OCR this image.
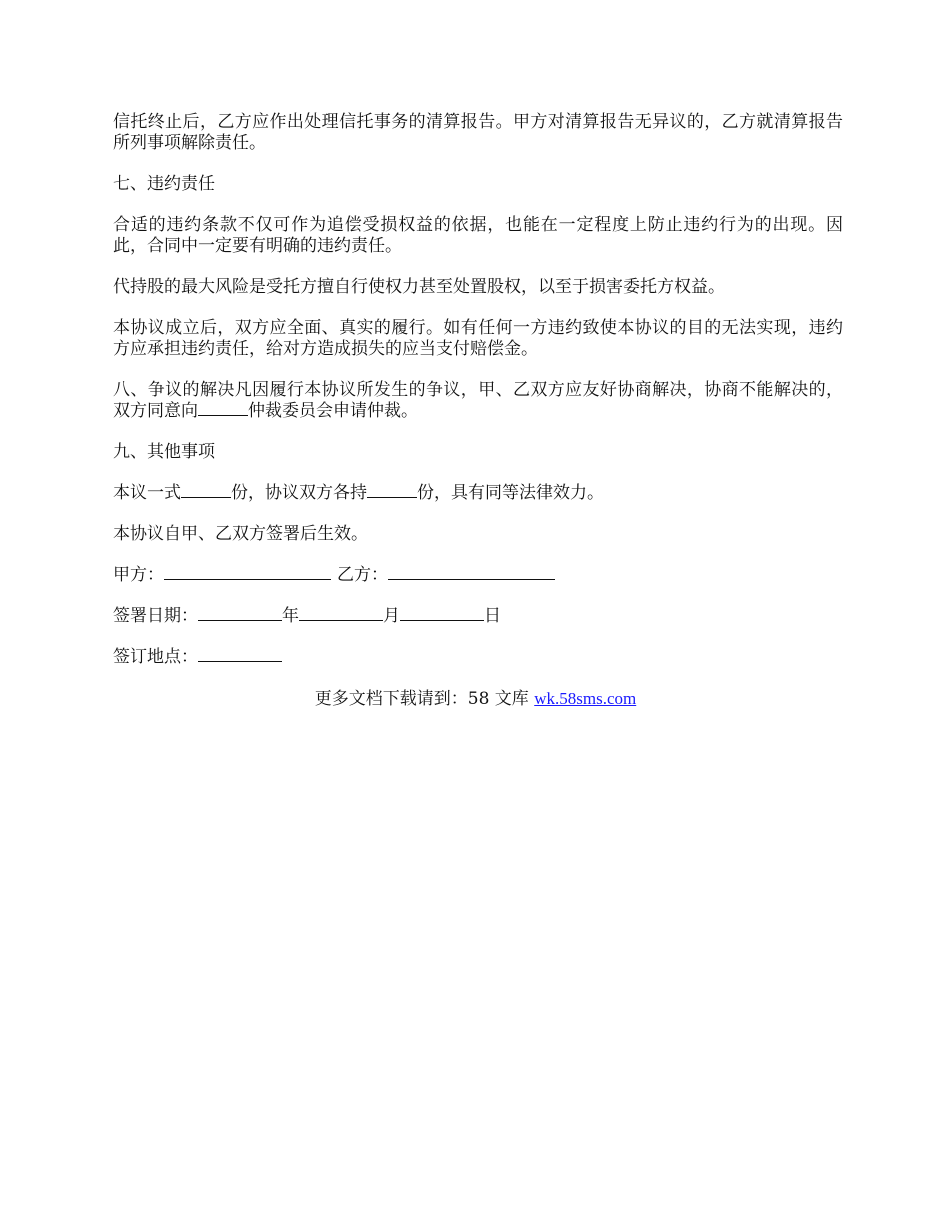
信托终止后，乙方应作出处理信托事务的清算报告。甲方对清算报告无异议的，乙方就清算报告所列事项解除责任。

七、违约责任

合适的违约条款不仅可作为追偿受损权益的依据，也能在一定程度上防止违约行为的出现。因此，合同中一定要有明确的违约责任。

代持股的最大风险是受托方擅自行使权力甚至处置股权，以至于损害委托方权益。

本协议成立后，双方应全面、真实的履行。如有任何一方违约致使本协议的目的无法实现，违约方应承担违约责任，给对方造成损失的应当支付赔偿金。

八、争议的解决凡因履行本协议所发生的争议，甲、乙双方应友好协商解决，协商不能解决的，双方同意向	仲裁委员会申请仲裁。

九、其他事项

本议一式	份，协议双方各持	份，具有同等法律效力。

本协议自甲、乙双方签署后生效。

甲方：	乙方：
签署日期：	年	月	日
签订地点：
更多文档下载请到：58 文库 wk.58sms.com
